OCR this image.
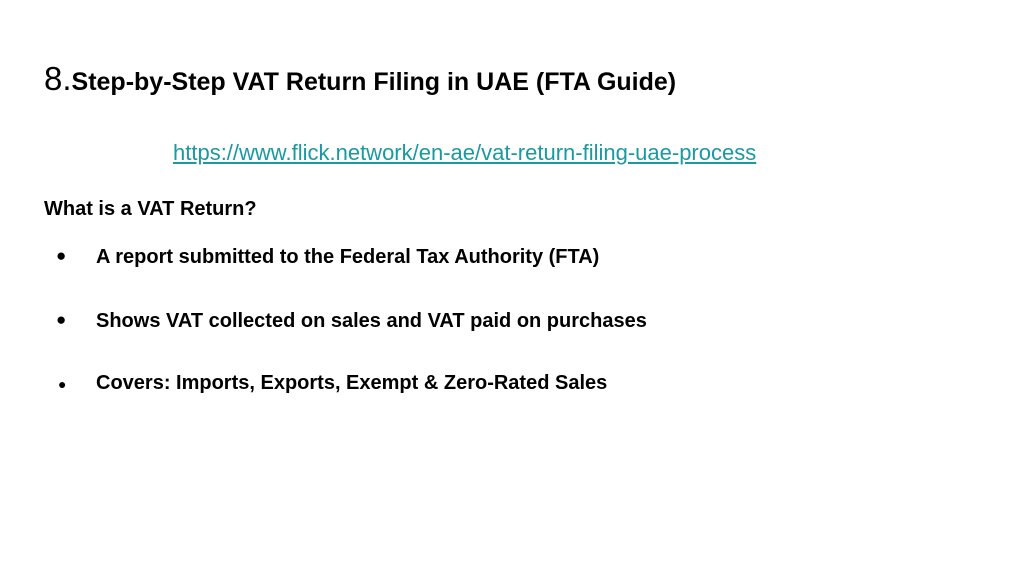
8.Step-by-Step VAT Return Filing in UAE (FTA Guide)
https://www.flick.network/en-ae/vat-return-filing-uae-process
What is a VAT Return?
● A report submitted to the Federal Tax Authority (FTA)
● Shows VAT collected on sales and VAT paid on purchases
● Covers: Imports, Exports, Exempt & Zero-Rated Sales
